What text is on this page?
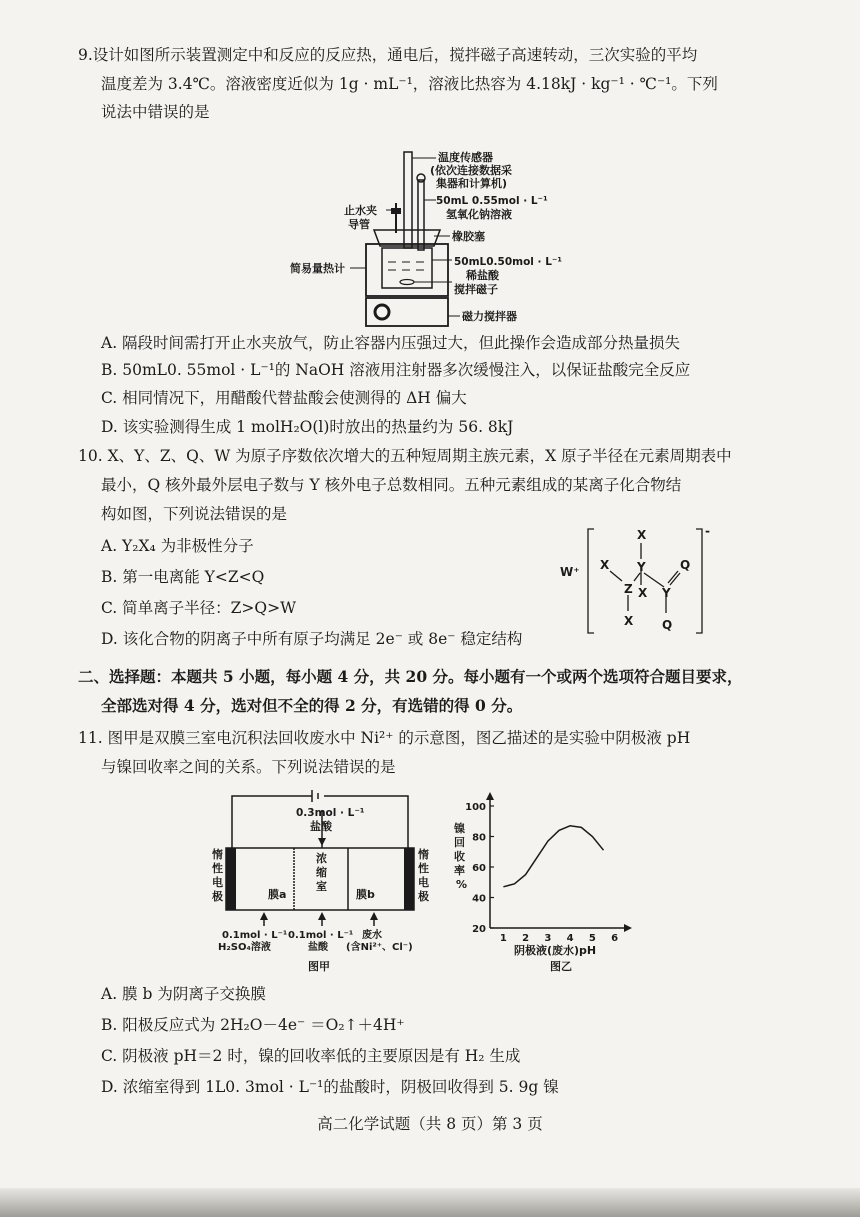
9.设计如图所示装置测定中和反应的反应热，通电后，搅拌磁子高速转动，三次实验的平均
温度差为 3.4℃。溶液密度近似为 1g · mL⁻¹，溶液比热容为 4.18kJ · kg⁻¹ · ℃⁻¹。下列
说法中错误的是
温度传感器
(依次连接数据采
集器和计算机)
50mL 0.55mol · L⁻¹
氢氧化钠溶液
止水夹
导管
橡胶塞
50mL0.50mol · L⁻¹
稀盐酸
搅拌磁子
简易量热计
磁力搅拌器
A. 隔段时间需打开止水夹放气，防止容器内压强过大，但此操作会造成部分热量损失
B. 50mL0. 55mol · L⁻¹的 NaOH 溶液用注射器多次缓慢注入，以保证盐酸完全反应
C. 相同情况下，用醋酸代替盐酸会使测得的 ΔH 偏大
D. 该实验测得生成 1 molH₂O(l)时放出的热量约为 56. 8kJ
10. X、Y、Z、Q、W 为原子序数依次增大的五种短周期主族元素，X 原子半径在元素周期表中
最小，Q 核外最外层电子数与 Y 核外电子总数相同。五种元素组成的某离子化合物结
构如图，下列说法错误的是
A. Y₂X₄ 为非极性分子
B. 第一电离能 Y<Z<Q
C. 简单离子半径：Z>Q>W
D. 该化合物的阴离子中所有原子均满足 2e⁻ 或 8e⁻ 稳定结构
W⁺
-
X
X Y	Q
Z X Y
X Q
二、选择题：本题共 5 小题，每小题 4 分，共 20 分。每小题有一个或两个选项符合题目要求，
全部选对得 4 分，选对但不全的得 2 分，有选错的得 0 分。
11. 图甲是双膜三室电沉积法回收废水中 Ni²⁺ 的示意图，图乙描述的是实验中阴极液 pH
与镍回收率之间的关系。下列说法错误的是
0.3mol · L⁻¹
盐酸
惰
性
电
极
惰
性
电
极
浓
缩
室
膜a	膜b
0.1mol · L⁻¹
H₂SO₄溶液
0.1mol · L⁻¹
盐酸
废水
(含Ni²⁺、Cl⁻)
图甲
20
40
60
80
100
1 2 3 4 5 6
镍
回
收
率
%
阴极液(废水)pH
图乙
A. 膜 b 为阴离子交换膜
B. 阳极反应式为 2H₂O－4e⁻ ＝O₂↑＋4H⁺
C. 阴极液 pH＝2 时，镍的回收率低的主要原因是有 H₂ 生成
D. 浓缩室得到 1L0. 3mol · L⁻¹的盐酸时，阴极回收得到 5. 9g 镍
高二化学试题（共 8 页）第 3 页
